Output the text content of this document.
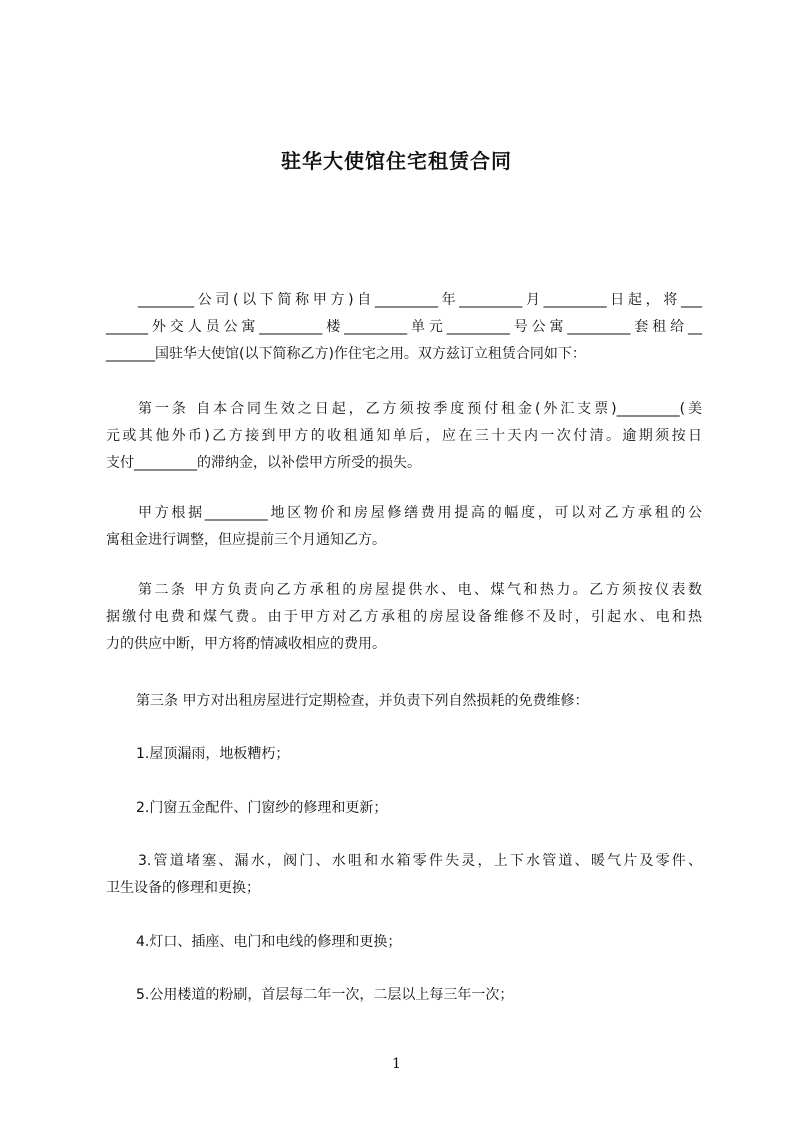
驻华大使馆住宅租赁合同
________公司(以下简称甲方)自_________年_________月_________日起，将___
______外交人员公寓_________楼_________单元_________号公寓_________套租给__
_______国驻华大使馆(以下简称乙方)作住宅之用。双方兹订立租赁合同如下：
第一条 自本合同生效之日起，乙方须按季度预付租金(外汇支票)_________(美
元或其他外币)乙方接到甲方的收租通知单后，应在三十天内一次付清。逾期须按日
支付_________的滞纳金，以补偿甲方所受的损失。
甲方根据_________地区物价和房屋修缮费用提高的幅度，可以对乙方承租的公
寓租金进行调整，但应提前三个月通知乙方。
第二条 甲方负责向乙方承租的房屋提供水、电、煤气和热力。乙方须按仪表数
据缴付电费和煤气费。由于甲方对乙方承租的房屋设备维修不及时，引起水、电和热
力的供应中断，甲方将酌情减收相应的费用。
第三条 甲方对出租房屋进行定期检查，并负责下列自然损耗的免费维修：
1.屋顶漏雨，地板糟朽；
2.门窗五金配件、门窗纱的修理和更新；
3.管道堵塞、漏水，阀门、水咀和水箱零件失灵，上下水管道、暖气片及零件、
卫生设备的修理和更换；
4.灯口、插座、电门和电线的修理和更换；
5.公用楼道的粉刷，首层每二年一次，二层以上每三年一次；
1
